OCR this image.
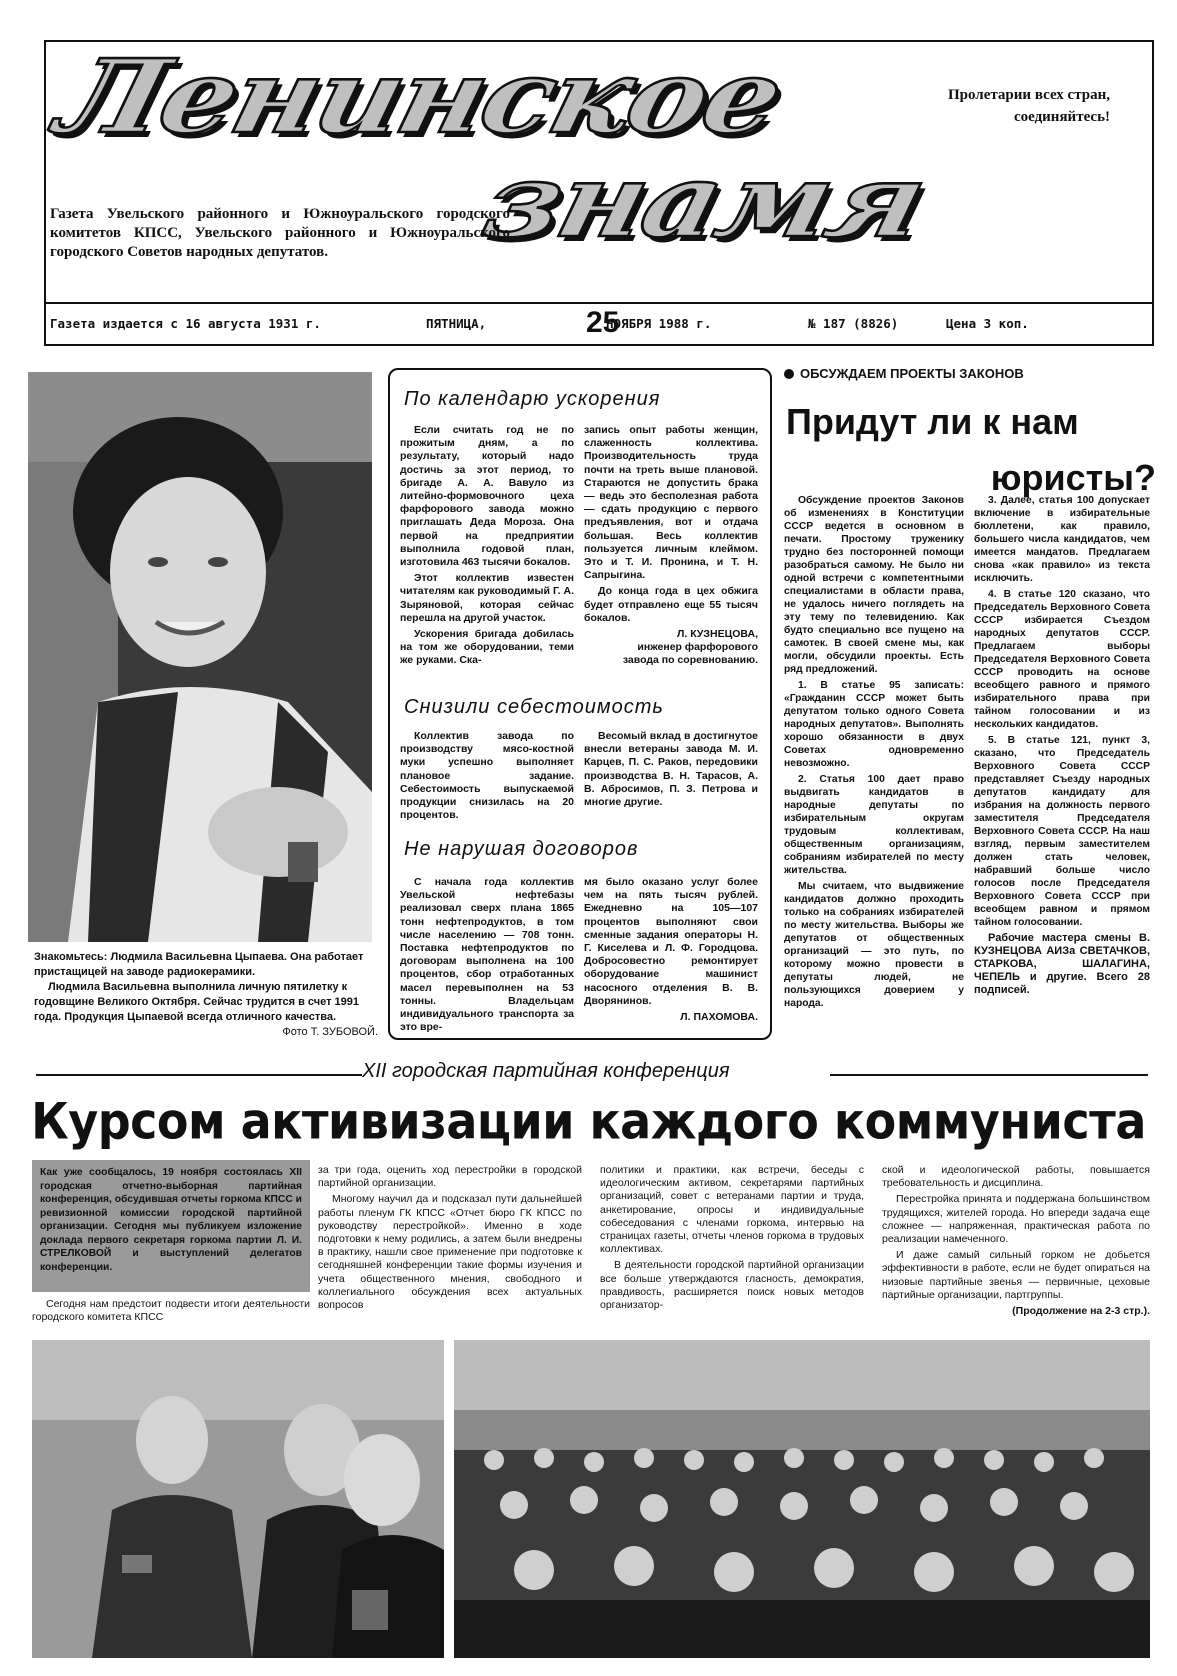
Ленинское
знамя
Пролетарии всех стран,
соединяйтесь!
Газета Увельского районного и Южноуральского городского комитетов КПСС, Увельского районного и Южноуральского городского Советов народных депутатов.
Газета издается с 16 августа 1931 г.	ПЯТНИЦА,	25
НОЯБРЯ 1988 г.	№ 187 (8826)	Цена 3 коп.
Знакомьтесь: Людмила Васильевна Цыпаева. Она работает пристащицей на заводе радиокерамики.
Людмила Васильевна выполнила личную пятилетку к годовщине Великого Октября. Сейчас трудится в счет 1991 года. Продукция Цыпаевой всегда отличного качества.
Фото Т. ЗУБОВОЙ.
По календарю ускорения

Если считать год не по прожитым дням, а по результату, который надо достичь за этот период, то бригаде А. А. Вавуло из литейно-формовочного цеха фарфорового завода можно приглашать Деда Мороза. Она первой на предприятии выполнила годовой план, изготовила 463 тысячи бокалов.

Этот коллектив известен читателям как руководимый Г. А. Зыряновой, которая сейчас перешла на другой участок.

Ускорения бригада добилась на том же оборудовании, теми же руками. Ска-

запись опыт работы женщин, слаженность коллектива. Производительность труда почти на треть выше плановой. Стараются не допустить брака — ведь это бесполезная работа — сдать продукцию с первого предъявления, вот и отдача большая. Весь коллектив пользуется личным клеймом. Это и Т. И. Пронина, и Т. Н. Сапрыгина.

До конца года в цех обжига будет отправлено еще 55 тысяч бокалов.

Л. КУЗНЕЦОВА,
инженер фарфорового
завода по соревнованию.
Снизили себестоимость

Коллектив завода по производству мясо-костной муки успешно выполняет плановое задание. Себестоимость выпускаемой продукции снизилась на 20 процентов.

Весомый вклад в достигнутое внесли ветераны завода М. И. Карцев, П. С. Раков, передовики производства В. Н. Тарасов, А. В. Абросимов, П. З. Петрова и многие другие.

Не нарушая договоров

С начала года коллектив Увельской нефтебазы реализовал сверх плана 1865 тонн нефтепродуктов, в том числе населению — 708 тонн. Поставка нефтепродуктов по договорам выполнена на 100 процентов, сбор отработанных масел перевыполнен на 53 тонны. Владельцам индивидуального транспорта за это вре-

мя было оказано услуг более чем на пять тысяч рублей. Ежедневно на 105—107 процентов выполняют свои сменные задания операторы Н. Г. Киселева и Л. Ф. Городцова. Добросовестно ремонтирует оборудование машинист насосного отделения В. В. Дворянинов.

Л. ПАХОМОВА.
ОБСУЖДАЕМ ПРОЕКТЫ ЗАКОНОВ
Придут ли к нам
юристы?

Обсуждение проектов Законов об изменениях в Конституции СССР ведется в основном в печати. Простому труженику трудно без посторонней помощи разобраться самому. Не было ни одной встречи с компетентными специалистами в области права, не удалось ничего поглядеть на эту тему по телевидению. Как будто специально все пущено на самотек. В своей смене мы, как могли, обсудили проекты. Есть ряд предложений.

1. В статье 95 записать: «Гражданин СССР может быть депутатом только одного Совета народных депутатов». Выполнять хорошо обязанности в двух Советах одновременно невозможно.

2. Статья 100 дает право выдвигать кандидатов в народные депутаты по избирательным округам трудовым коллективам, общественным организациям, собраниям избирателей по месту жительства.

Мы считаем, что выдвижение кандидатов должно проходить только на собраниях избирателей по месту жительства. Выборы же депутатов от общественных организаций — это путь, по которому можно провести в депутаты людей, не пользующихся доверием у народа.

3. Далее, статья 100 допускает включение в избирательные бюллетени, как правило, большего числа кандидатов, чем имеется мандатов. Предлагаем снова «как правило» из текста исключить.

4. В статье 120 сказано, что Председатель Верховного Совета СССР избирается Съездом народных депутатов СССР. Предлагаем выборы Председателя Верховного Совета СССР проводить на основе всеобщего равного и прямого избирательного права при тайном голосовании и из нескольких кандидатов.

5. В статье 121, пункт 3, сказано, что Председатель Верховного Совета СССР представляет Съезду народных депутатов кандидату для избрания на должность первого заместителя Председателя Верховного Совета СССР. На наш взгляд, первым заместителем должен стать человек, набравший больше число голосов после Председателя Верховного Совета СССР при всеобщем равном и прямом тайном голосовании.

Рабочие мастера смены В. КУЗНЕЦОВА АИЗа СВЕТАЧКОВ, СТАРКОВА, ШАЛАГИНА, ЧЕПЕЛЬ и другие. Всего 28 подписей.

XII городская партийная конференция
Курсом активизации каждого коммуниста
Как уже сообщалось, 19 ноября состоялась XII городская отчетно-выборная партийная конференция, обсудившая отчеты горкома КПСС и ревизионной комиссии городской партийной организации. Сегодня мы публикуем изложение доклада первого секретаря горкома партии Л. И. СТРЕЛКОВОЙ и выступлений делегатов конференции.

Сегодня нам предстоит подвести итоги деятельности городского комитета КПСС

за три года, оценить ход перестройки в городской партийной организации.

Многому научил да и подсказал пути дальнейшей работы пленум ГК КПСС «Отчет бюро ГК КПСС по руководству перестройкой». Именно в ходе подготовки к нему родились, а затем были внедрены в практику, нашли свое применение при подготовке к сегодняшней конференции такие формы изучения и учета общественного мнения, свободного и коллегиального обсуждения всех актуальных вопросов

политики и практики, как встречи, беседы с идеологическим активом, секретарями партийных организаций, совет с ветеранами партии и труда, анкетирование, опросы и индивидуальные собеседования с членами горкома, интервью на страницах газеты, отчеты членов горкома в трудовых коллективах.

В деятельности городской партийной организации все больше утверждаются гласность, демократия, правдивость, расширяется поиск новых методов организатор-

ской и идеологической работы, повышается требовательность и дисциплина.

Перестройка принята и поддержана большинством трудящихся, жителей города. Но впереди задача еще сложнее — напряженная, практическая работа по реализации намеченного.

И даже самый сильный горком не добьется эффективности в работе, если не будет опираться на низовые партийные звенья — первичные, цеховые партийные организации, партгруппы.

(Продолжение на 2-3 стр.).
